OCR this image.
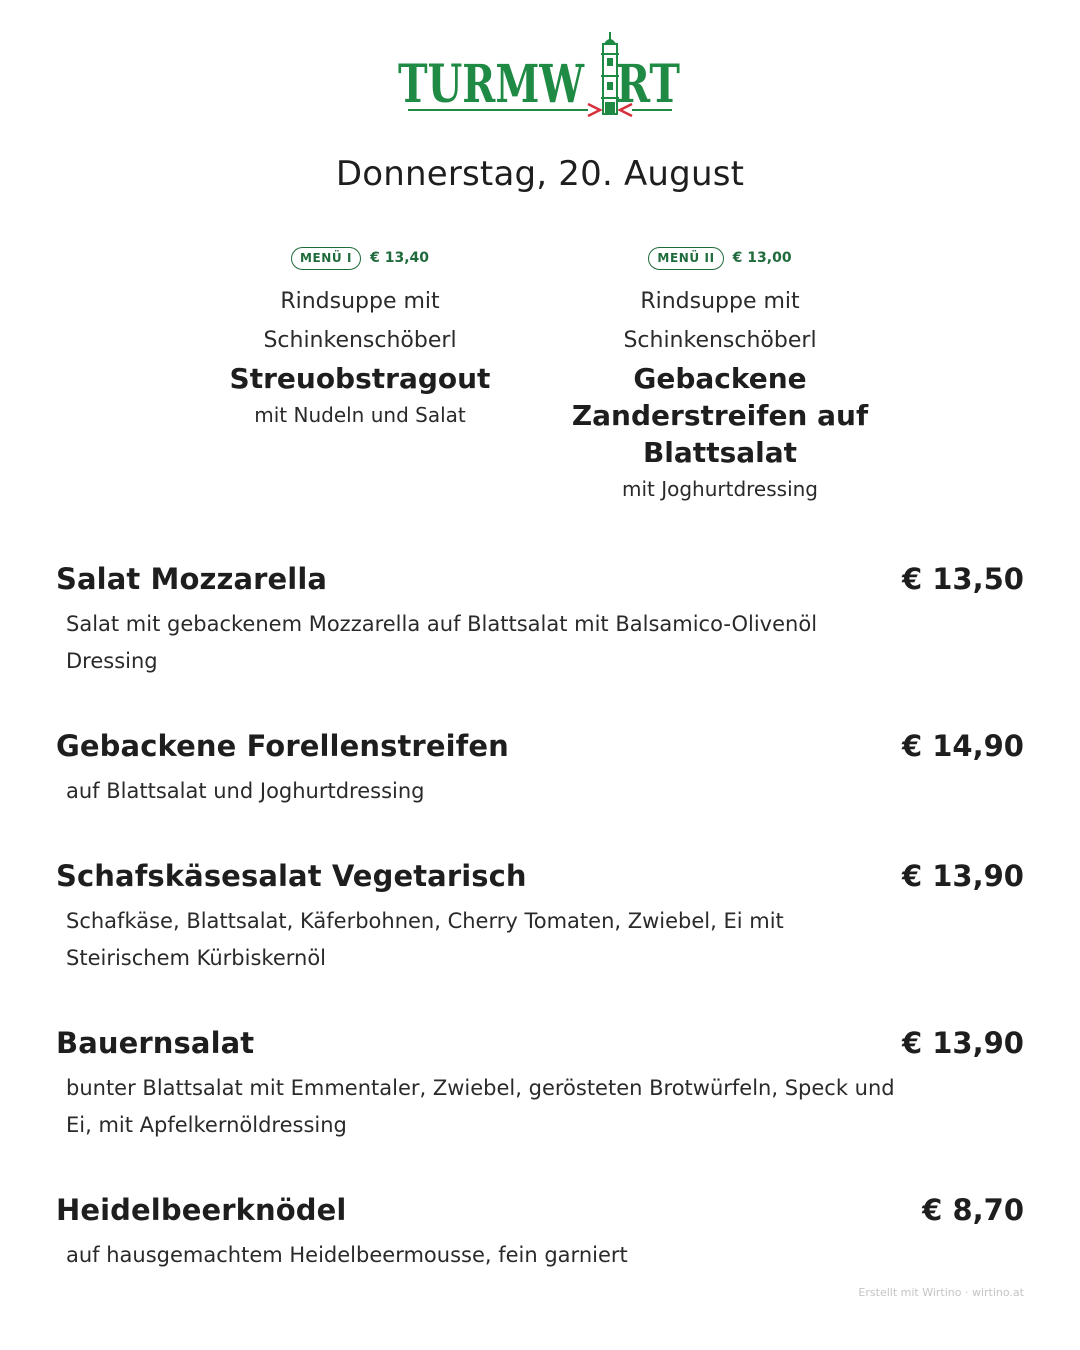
TURMW RT
Donnerstag, 20. August
MENÜ I	€ 13,40
Rindsuppe mit Schinkenschöberl
Streuobstragout
mit Nudeln und Salat
MENÜ II	€ 13,00
Rindsuppe mit Schinkenschöberl
Gebackene Zanderstreifen auf Blattsalat
mit Joghurtdressing
Salat Mozzarella	€ 13,50
Salat mit gebackenem Mozzarella auf Blattsalat mit Balsamico-Olivenöl Dressing
Gebackene Forellenstreifen	€ 14,90
auf Blattsalat und Joghurtdressing
Schafskäsesalat Vegetarisch	€ 13,90
Schafkäse, Blattsalat, Käferbohnen, Cherry Tomaten, Zwiebel, Ei mit Steirischem Kürbiskernöl
Bauernsalat	€ 13,90
bunter Blattsalat mit Emmentaler, Zwiebel, gerösteten Brotwürfeln, Speck und Ei, mit Apfelkernöldressing
Heidelbeerknödel	€ 8,70
auf hausgemachtem Heidelbeermousse, fein garniert
Erstellt mit Wirtino · wirtino.at
